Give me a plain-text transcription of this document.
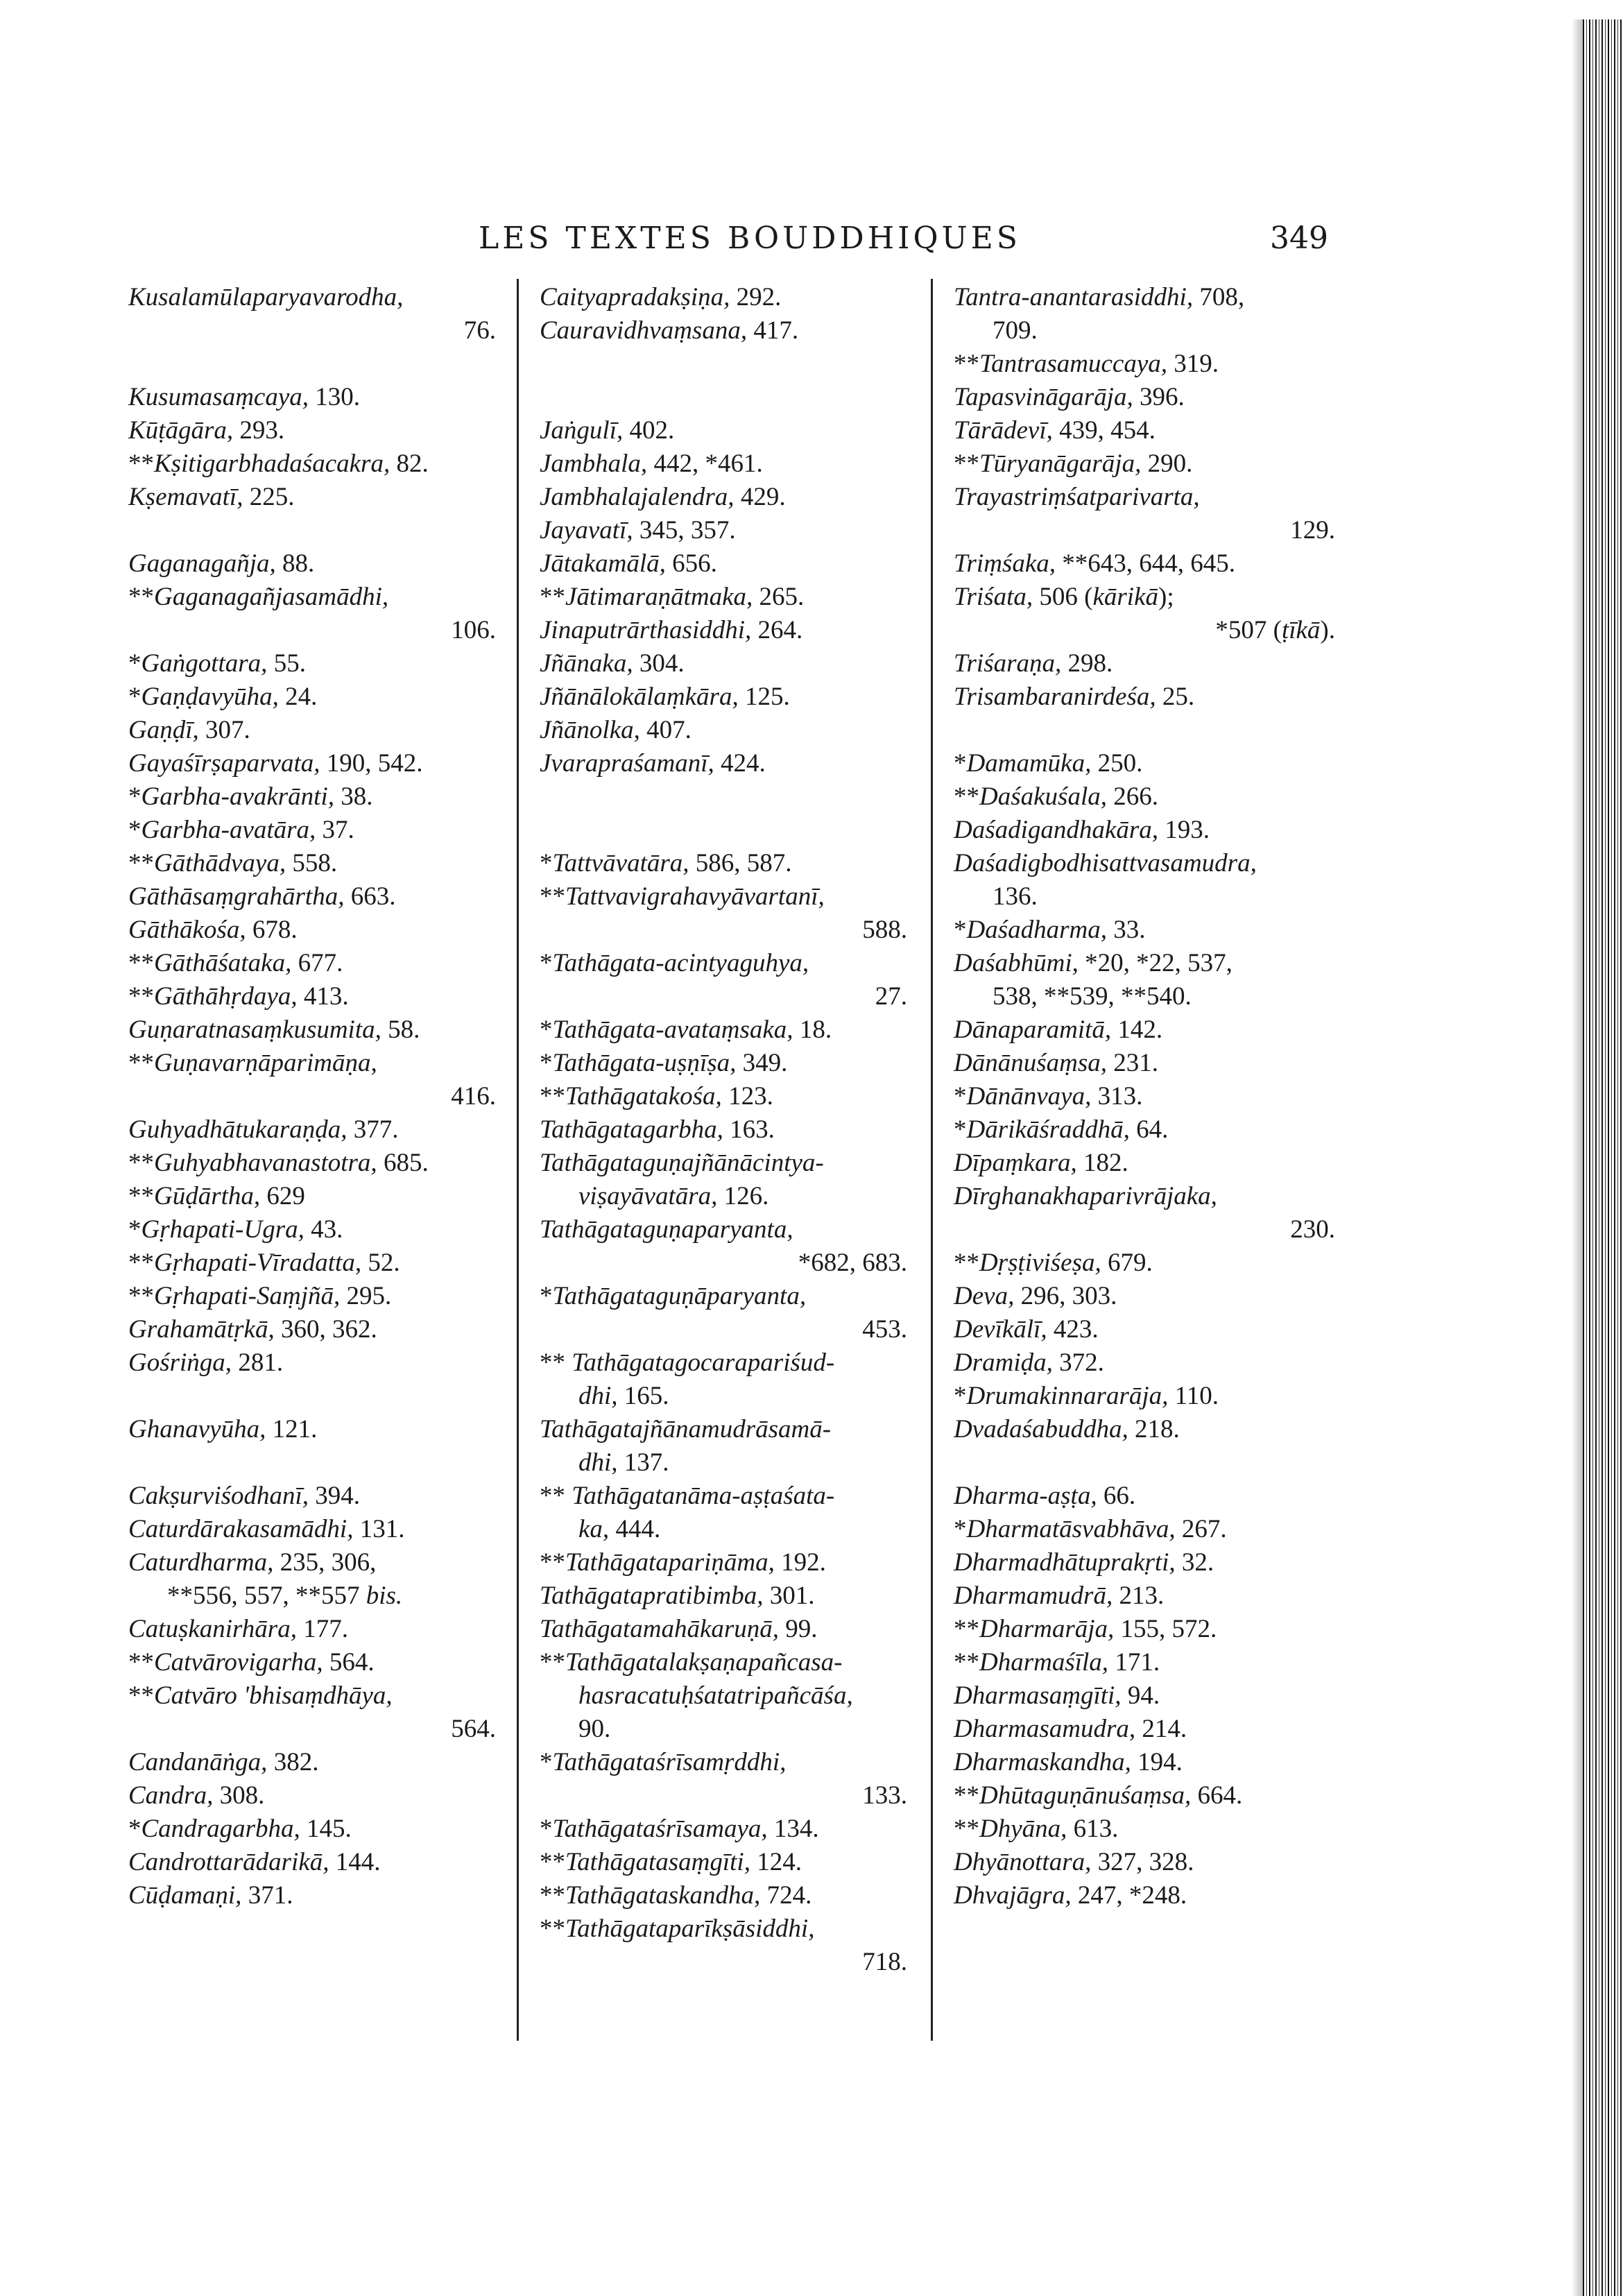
LES TEXTES BOUDDHIQUES	349
Kusalamūlaparyavarodha,
76.
Kusumasaṃcaya, 130.
Kūṭāgāra, 293.
**Kṣitigarbhadaśacakra, 82.
Kṣemavatī, 225.
Gaganagañja, 88.
**Gaganagañjasamādhi,
106.
*Gaṅgottara, 55.
*Gaṇḍavyūha, 24.
Gaṇḍī, 307.
Gayaśīrṣaparvata, 190, 542.
*Garbha-avakrānti, 38.
*Garbha-avatāra, 37.
**Gāthādvaya, 558.
Gāthāsaṃgrahārtha, 663.
Gāthākośa, 678.
**Gāthāśataka, 677.
**Gāthāhṛdaya, 413.
Guṇaratnasaṃkusumita, 58.
**Guṇavarṇāparimāṇa,
416.
Guhyadhātukaraṇḍa, 377.
**Guhyabhavanastotra, 685.
**Gūḍārtha, 629
*Gṛhapati-Ugra, 43.
**Gṛhapati-Vīradatta, 52.
**Gṛhapati-Saṃjñā, 295.
Grahamātṛkā, 360, 362.
Gośriṅga, 281.
Ghanavyūha, 121.
Cakṣurviśodhanī, 394.
Caturdārakasamādhi, 131.
Caturdharma, 235, 306,
**556, 557, **557 bis.
Catuṣkanirhāra, 177.
**Catvārovigarha, 564.
**Catvāro 'bhisaṃdhāya,
564.
Candanāṅga, 382.
Candra, 308.
*Candragarbha, 145.
Candrottarādarikā, 144.
Cūḍamaṇi, 371.
Caityapradakṣiṇa, 292.
Cauravidhvaṃsana, 417.
Jaṅgulī, 402.
Jambhala, 442, *461.
Jambhalajalendra, 429.
Jayavatī, 345, 357.
Jātakamālā, 656.
**Jātimaraṇātmaka, 265.
Jinaputrārthasiddhi, 264.
Jñānaka, 304.
Jñānālokālaṃkāra, 125.
Jñānolka, 407.
Jvarapraśamanī, 424.
*Tattvāvatāra, 586, 587.
**Tattvavigrahavyāvartanī,
588.
*Tathāgata-acintyaguhya,
27.
*Tathāgata-avataṃsaka, 18.
*Tathāgata-uṣṇīṣa, 349.
**Tathāgatakośa, 123.
Tathāgatagarbha, 163.
Tathāgataguṇajñānācintya-
viṣayāvatāra, 126.
Tathāgataguṇaparyanta,
*682, 683.
*Tathāgataguṇāparyanta,
453.
** Tathāgatagocarapariśud-
dhi, 165.
Tathāgatajñānamudrāsamā-
dhi, 137.
** Tathāgatanāma-aṣṭaśata-
ka, 444.
**Tathāgatapariṇāma, 192.
Tathāgatapratibimba, 301.
Tathāgatamahākaruṇā, 99.
**Tathāgatalakṣaṇapañcasa-
hasracatuḥśatatripañcāśa,
90.
*Tathāgataśrīsamṛddhi,
133.
*Tathāgataśrīsamaya, 134.
**Tathāgatasaṃgīti, 124.
**Tathāgataskandha, 724.
**Tathāgataparīkṣāsiddhi,
718.
Tantra-anantarasiddhi, 708,
709.
**Tantrasamuccaya, 319.
Tapasvināgarāja, 396.
Tārādevī, 439, 454.
**Tūryanāgarāja, 290.
Trayastriṃśatparivarta,
129.
Triṃśaka, **643, 644, 645.
Triśata, 506 (kārikā);
*507 (ṭīkā).
Triśaraṇa, 298.
Trisambaranirdeśa, 25.
*Damamūka, 250.
**Daśakuśala, 266.
Daśadigandhakāra, 193.
Daśadigbodhisattvasamudra,
136.
*Daśadharma, 33.
Daśabhūmi, *20, *22, 537,
538, **539, **540.
Dānaparamitā, 142.
Dānānuśaṃsa, 231.
*Dānānvaya, 313.
*Dārikāśraddhā, 64.
Dīpaṃkara, 182.
Dīrghanakhaparivrājaka,
230.
**Dṛṣṭiviśeṣa, 679.
Deva, 296, 303.
Devīkālī, 423.
Dramiḍa, 372.
*Drumakinnararāja, 110.
Dvadaśabuddha, 218.
Dharma-aṣṭa, 66.
*Dharmatāsvabhāva, 267.
Dharmadhātuprakṛti, 32.
Dharmamudrā, 213.
**Dharmarāja, 155, 572.
**Dharmaśīla, 171.
Dharmasaṃgīti, 94.
Dharmasamudra, 214.
Dharmaskandha, 194.
**Dhūtaguṇānuśaṃsa, 664.
**Dhyāna, 613.
Dhyānottara, 327, 328.
Dhvajāgra, 247, *248.
